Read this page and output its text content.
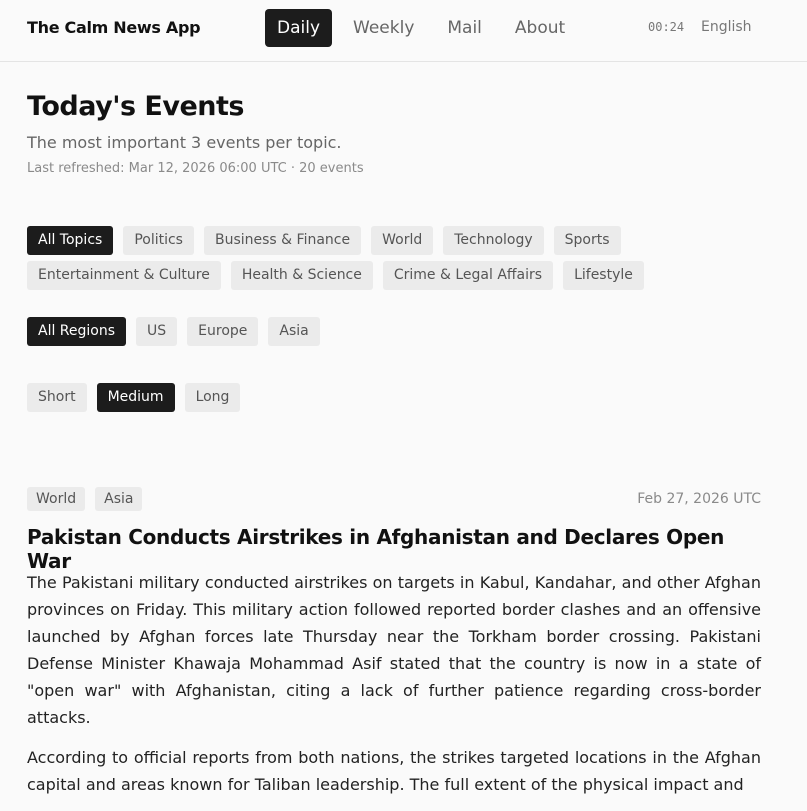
The Calm News App	Daily	Weekly	Mail	About	00:24 English
Today's Events
The most important 3 events per topic.
Last refreshed: Mar 12, 2026 06:00 UTC · 20 events
All Topics	Politics	Business & Finance	World	Technology	Sports
Entertainment & Culture	Health & Science	Crime & Legal Affairs	Lifestyle
All Regions	US	Europe	Asia
Short	Medium	Long
World	Asia	Feb 27, 2026 UTC
Pakistan Conducts Airstrikes in Afghanistan and Declares Open War

The Pakistani military conducted airstrikes on targets in Kabul, Kandahar, and other Afghan provinces on Friday. This military action followed reported border clashes and an offensive launched by Afghan forces late Thursday near the Torkham border crossing. Pakistani Defense Minister Khawaja Mohammad Asif stated that the country is now in a state of "open war" with Afghanistan, citing a lack of further patience regarding cross-border attacks.

According to official reports from both nations, the strikes targeted locations in the Afghan capital and areas known for Taliban leadership. The full extent of the physical impact and
